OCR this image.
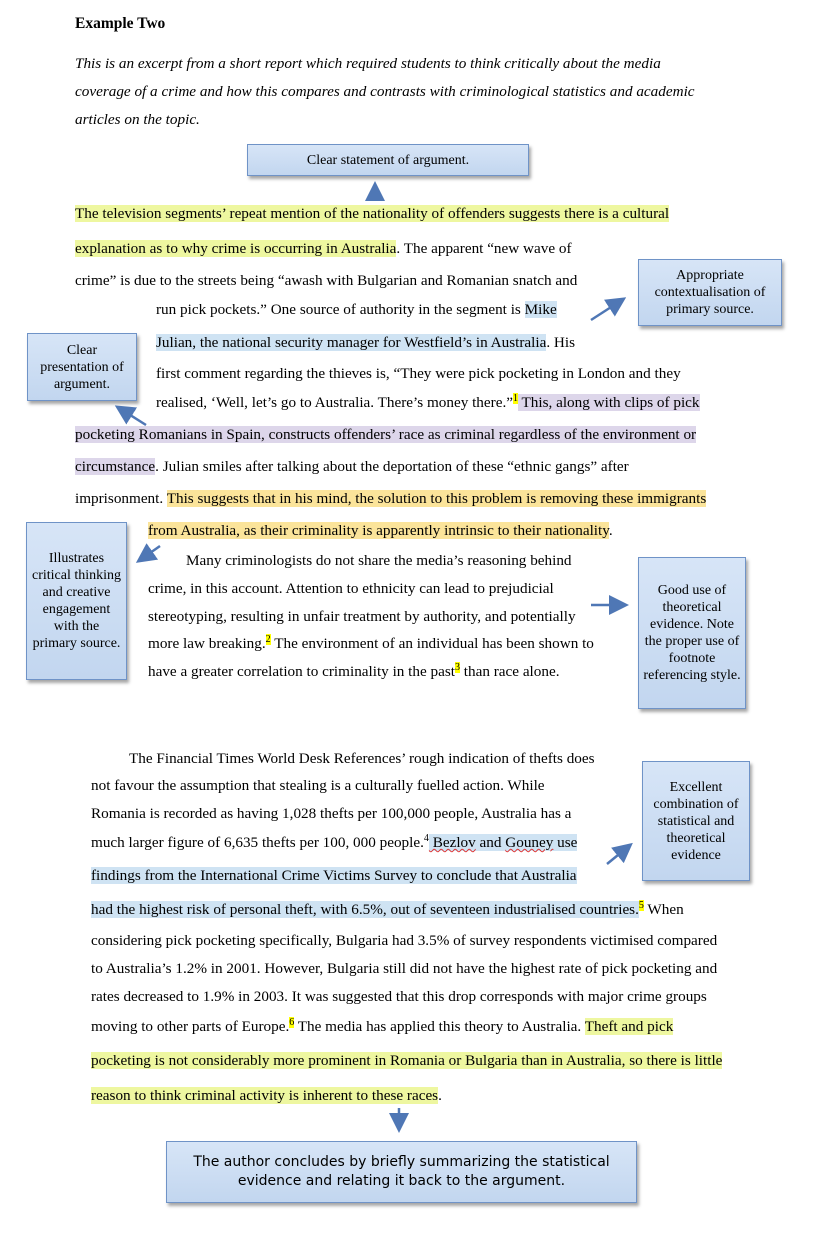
Example Two
This is an excerpt from a short report which required students to think critically about the media
coverage of a crime and how this compares and contrasts with criminological statistics and academic
articles on the topic.
The television segments’ repeat mention of the nationality of offenders suggests there is a cultural
explanation as to why crime is occurring in Australia. The apparent “new wave of
crime” is due to the streets being “awash with Bulgarian and Romanian snatch and
run pick pockets.” One source of authority in the segment is Mike
Julian, the national security manager for Westfield’s in Australia. His
first comment regarding the thieves is, “They were pick pocketing in London and they
realised, ‘Well, let’s go to Australia. There’s money there.”$^1$ This, along with clips of pick
pocketing Romanians in Spain, constructs offenders’ race as criminal regardless of the environment or
circumstance. Julian smiles after talking about the deportation of these “ethnic gangs” after
imprisonment. This suggests that in his mind, the solution to this problem is removing these immigrants
from Australia, as their criminality is apparently intrinsic to their nationality.
Many criminologists do not share the media’s reasoning behind
crime, in this account. Attention to ethnicity can lead to prejudicial
stereotyping, resulting in unfair treatment by authority, and potentially
more law breaking.$^2$ The environment of an individual has been shown to
have a greater correlation to criminality in the past$^3$ than race alone.
The Financial Times World Desk References’ rough indication of thefts does
not favour the assumption that stealing is a culturally fuelled action. While
Romania is recorded as having 1,028 thefts per 100,000 people, Australia has a
much larger figure of 6,635 thefts per 100, 000 people.$^4$ Bezlov and Gouney use
findings from the International Crime Victims Survey to conclude that Australia
had the highest risk of personal theft, with 6.5%, out of seventeen industrialised countries.$^5$ When
considering pick pocketing specifically, Bulgaria had 3.5% of survey respondents victimised compared
to Australia’s 1.2% in 2001. However, Bulgaria still did not have the highest rate of pick pocketing and
rates decreased to 1.9% in 2003. It was suggested that this drop corresponds with major crime groups
moving to other parts of Europe.$^6$ The media has applied this theory to Australia. Theft and pick
pocketing is not considerably more prominent in Romania or Bulgaria than in Australia, so there is little
reason to think criminal activity is inherent to these races.
Clear statement of argument.
Appropriate contextualisation of primary source.
Clear presentation of argument.
Illustrates critical thinking and creative engagement with the primary source.
Good use of theoretical evidence. Note the proper use of footnote referencing style.
Excellent combination of statistical and theoretical evidence
The author concludes by briefly summarizing the statistical evidence and relating it back to the argument.
